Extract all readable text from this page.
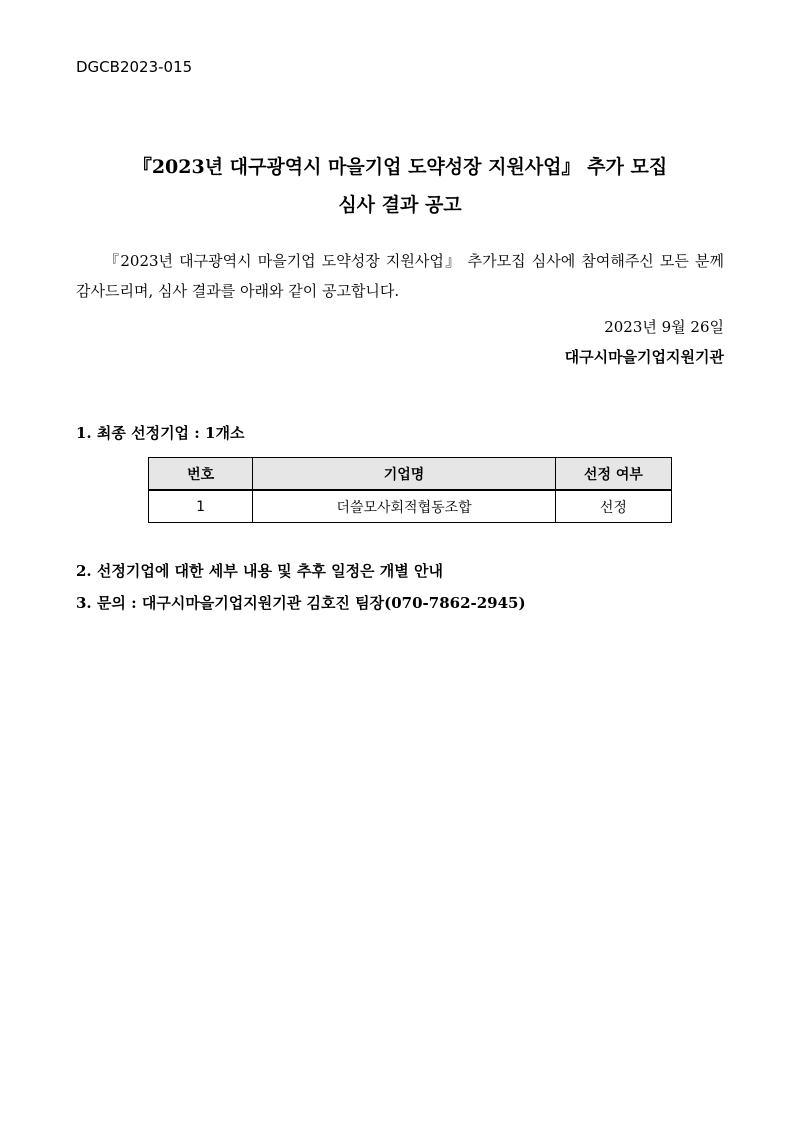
DGCB2023-015
『2023년 대구광역시 마을기업 도약성장 지원사업』 추가 모집
심사 결과 공고
『2023년 대구광역시 마을기업 도약성장 지원사업』 추가모집 심사에 참여해주신 모든 분께 감사드리며, 심사 결과를 아래와 같이 공고합니다.
2023년 9월 26일
대구시마을기업지원기관
1. 최종 선정기업 : 1개소
번호	기업명	선정 여부
1	더쓸모사회적협동조합	선정
2. 선정기업에 대한 세부 내용 및 추후 일정은 개별 안내
3. 문의 : 대구시마을기업지원기관 김호진 팀장(070-7862-2945)
